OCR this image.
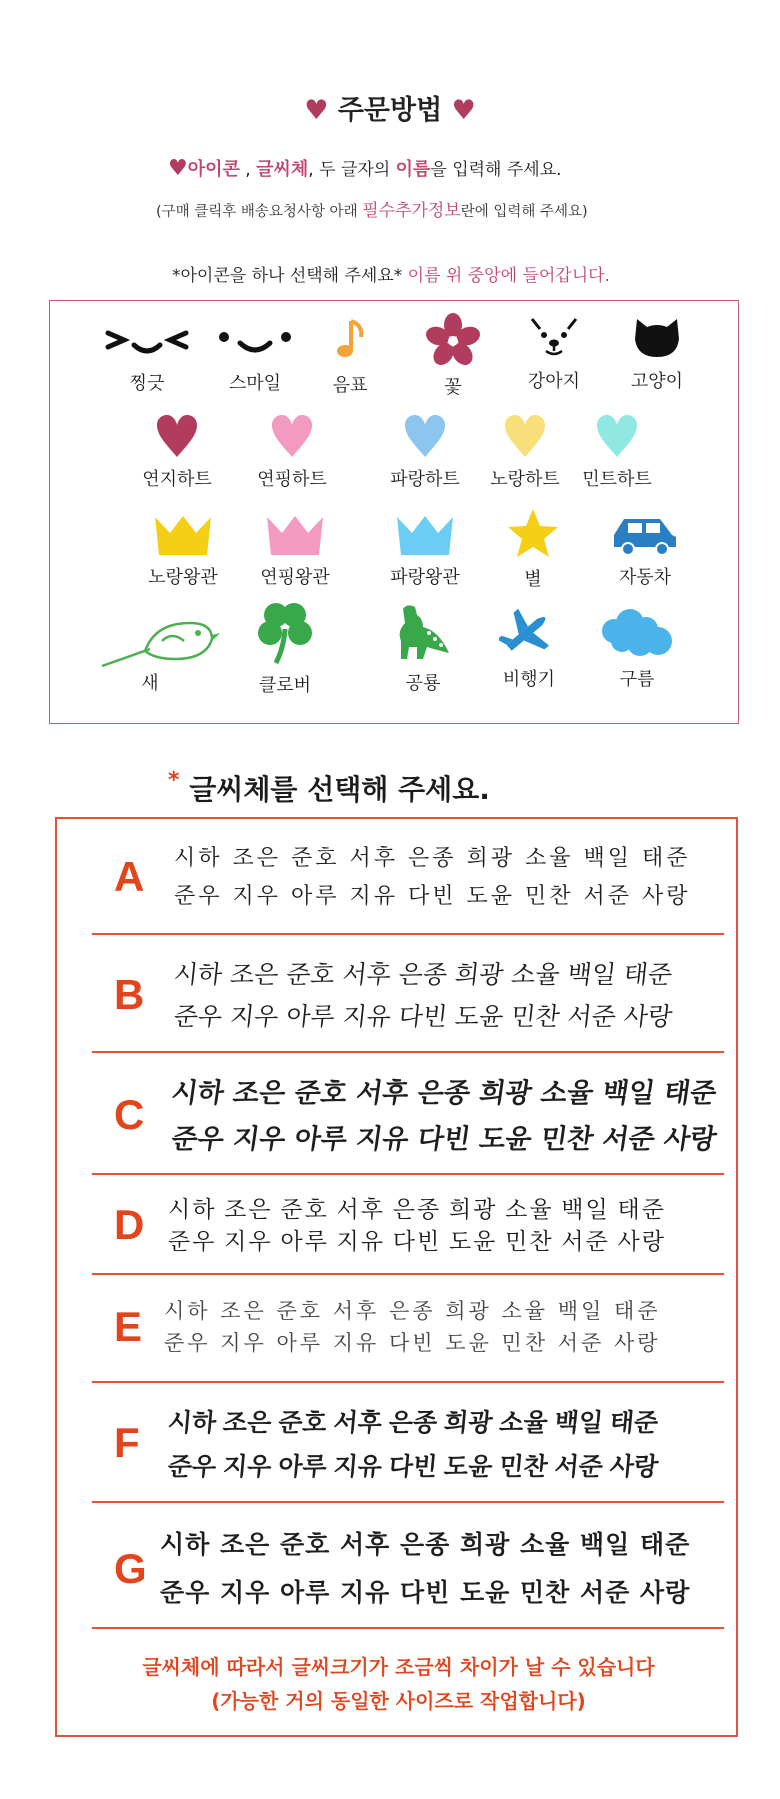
♥ 주문방법 ♥
♥아이콘 , 글씨체, 두 글자의 이름을 입력해 주세요.
(구매 클릭후 배송요청사항 아래 필수추가정보란에 입력해 주세요)
*아이콘을 하나 선택해 주세요* 이름 위 중앙에 들어갑니다.
찡긋	스마일	음표	꽃	강아지	고양이
연지하트	연핑하트	파랑하트	노랑하트	민트하트
노랑왕관	연핑왕관	파랑왕관	별	자동차
새	클로버	공룡	비행기	구름
* 글씨체를 선택해 주세요.
A 시하 조은 준호 서후 은종 희광 소율 백일 태준
준우 지우 아루 지유 다빈 도윤 민찬 서준 사랑
B 시하 조은 준호 서후 은종 희광 소율 백일 태준
준우 지우 아루 지유 다빈 도윤 민찬 서준 사랑
C 시하 조은 준호 서후 은종 희광 소율 백일 태준
준우 지우 아루 지유 다빈 도윤 민찬 서준 사랑
D 시하 조은 준호 서후 은종 희광 소율 백일 태준
준우 지우 아루 지유 다빈 도윤 민찬 서준 사랑
E 시하 조은 준호 서후 은종 희광 소율 백일 태준
준우 지우 아루 지유 다빈 도윤 민찬 서준 사랑
F 시하 조은 준호 서후 은종 희광 소율 백일 태준
준우 지우 아루 지유 다빈 도윤 민찬 서준 사랑
G
시하 조은 준호 서후 은종 희광 소율 백일 태준
준우 지우 아루 지유 다빈 도윤 민찬 서준 사랑
글씨체에 따라서 글씨크기가 조금씩 차이가 날 수 있습니다
(가능한 거의 동일한 사이즈로 작업합니다)
